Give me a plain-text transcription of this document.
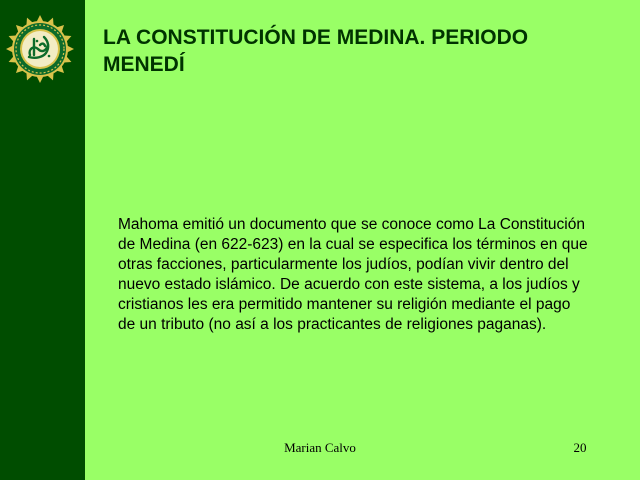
LA CONSTITUCIÓN DE MEDINA. PERIODO MENEDÍ

Mahoma emitió un documento que se conoce como La Constitución de Medina (en 622-623) en la cual se especifica los términos en que otras facciones, particularmente los judíos, podían vivir dentro del nuevo estado islámico. De acuerdo con este sistema, a los judíos y cristianos les era permitido mantener su religión mediante el pago de un tributo (no así a los practicantes de religiones paganas).

Marian Calvo	20
